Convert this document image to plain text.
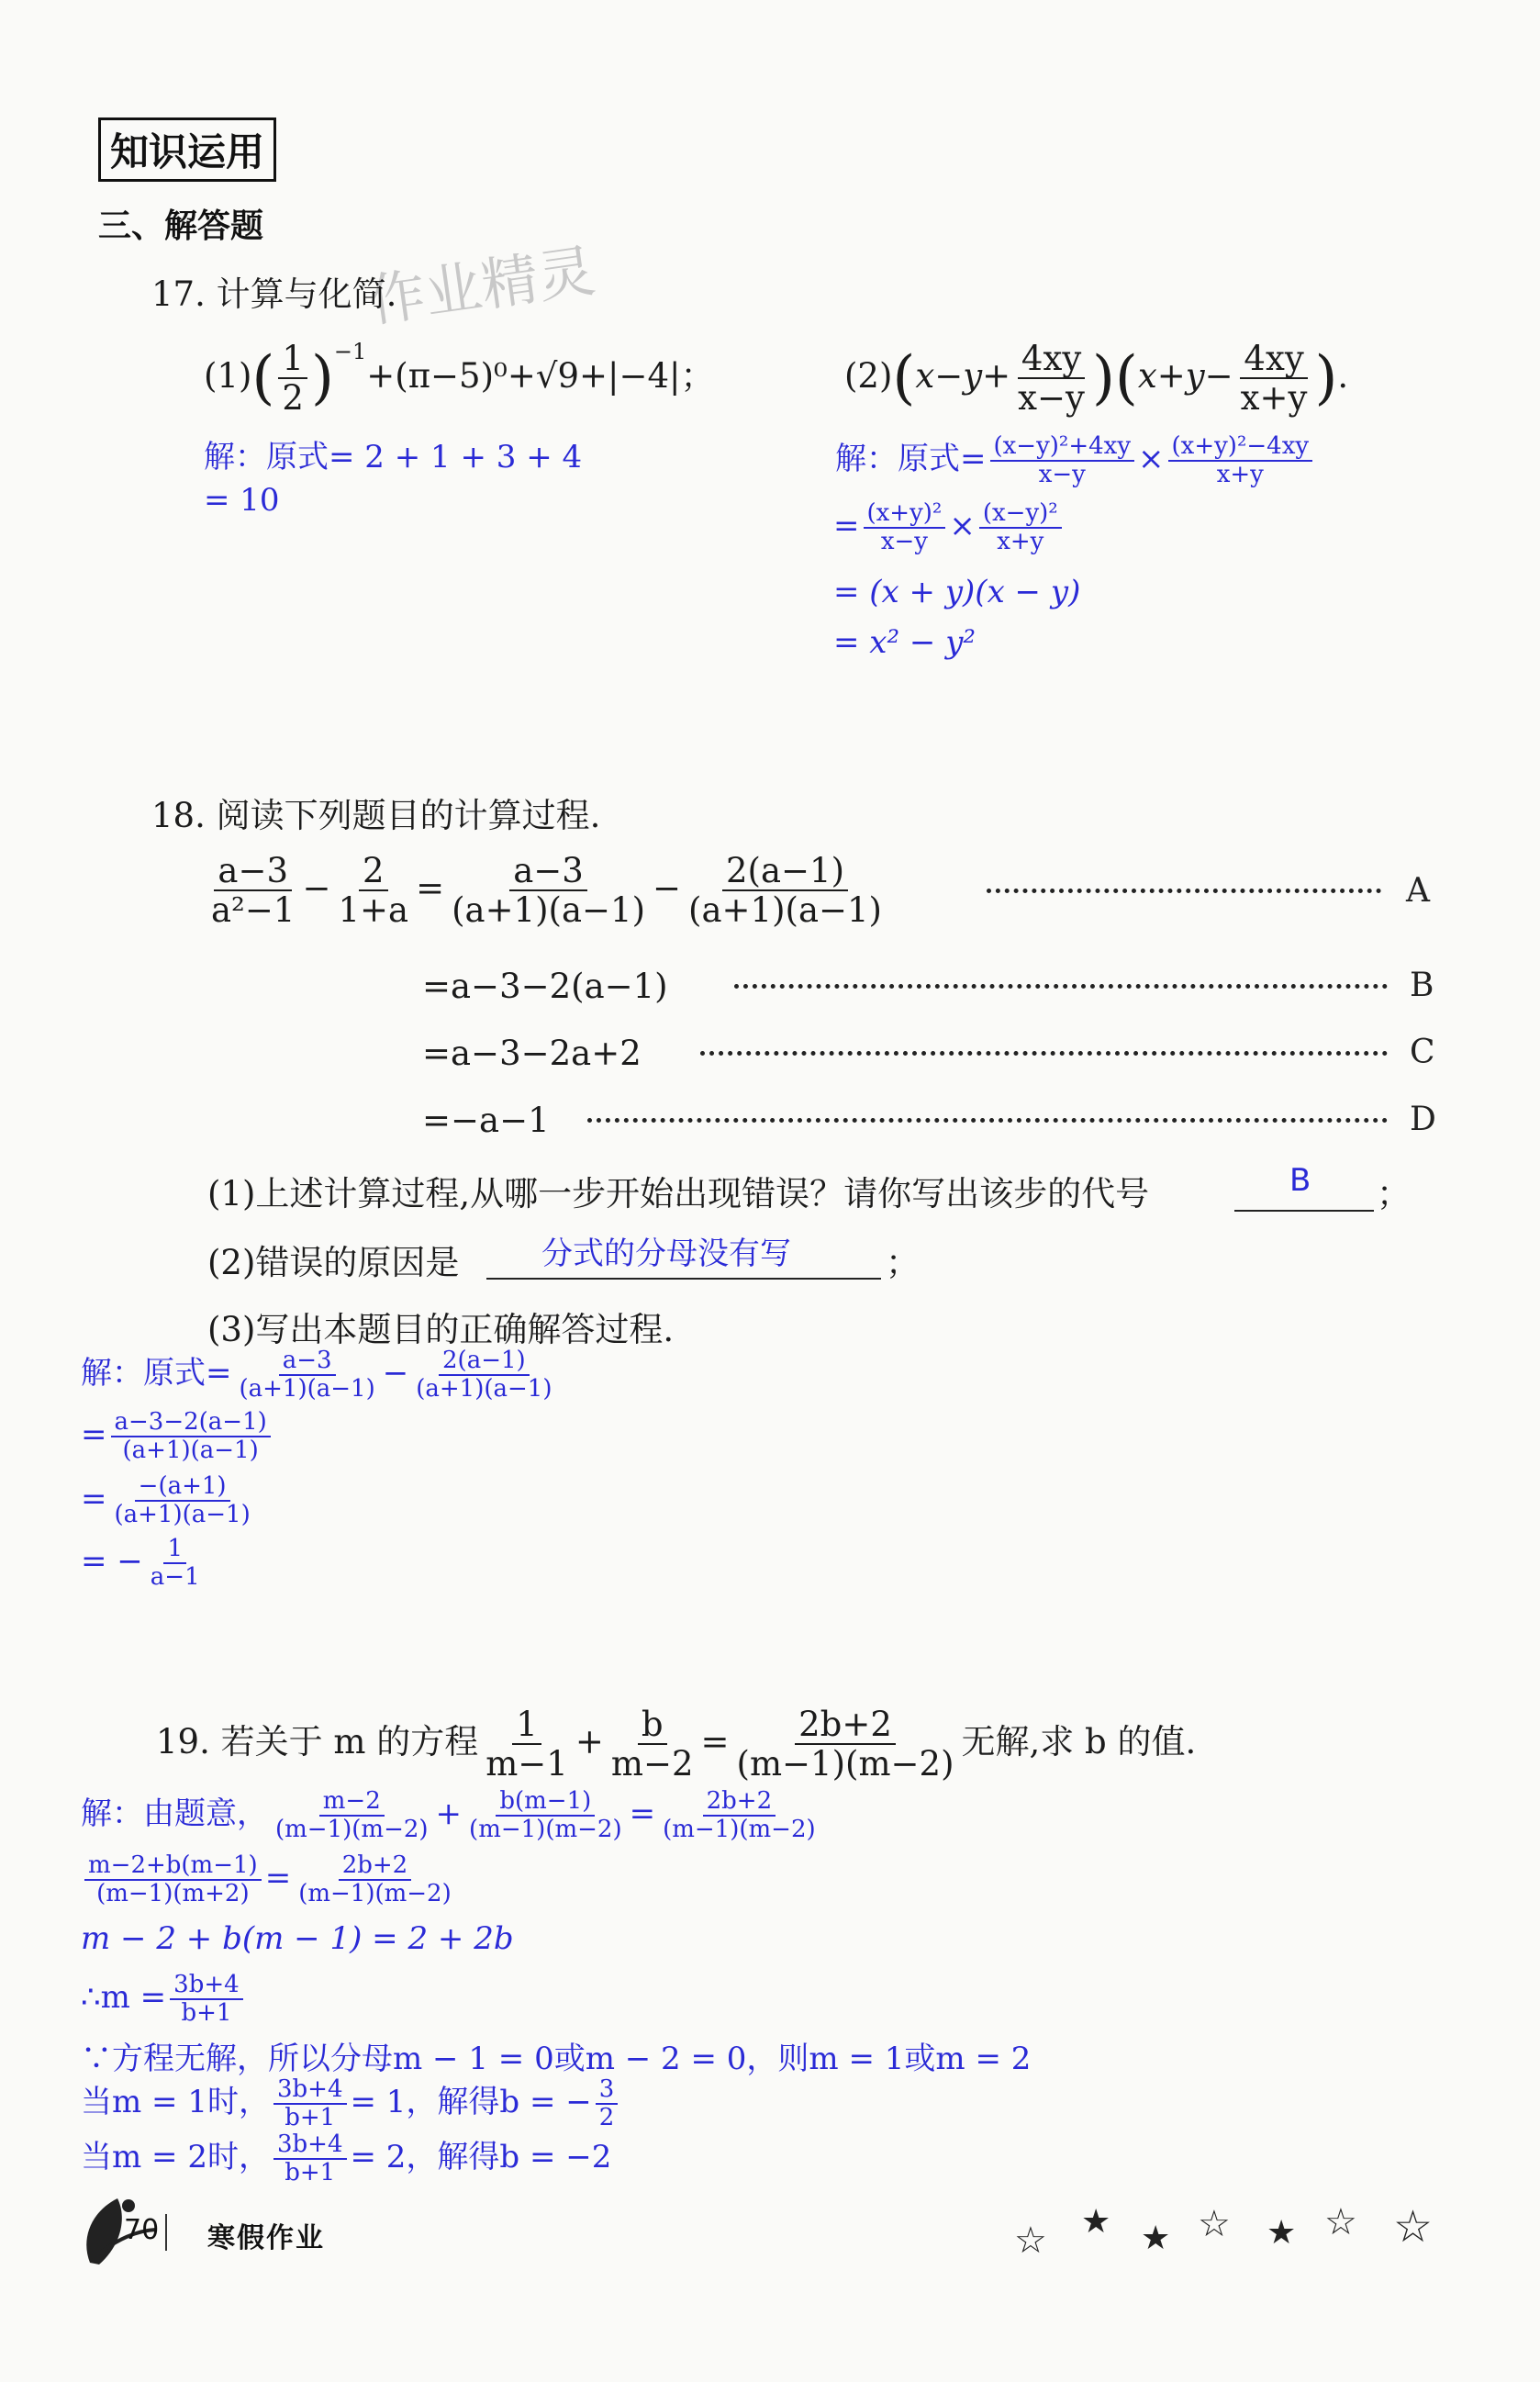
知识运用
三、解答题
作业精灵
17. 计算与化简.
$(1)( \frac{1}{2} )^{-1}+(\pi-5)^0+√9+|-4|$；	$(2)(x-y+ \frac{4xy}{x-y} )(x+y- \frac{4xy}{x+y}$ ).
解：原式= 2 + 1 + 3 + 4
= 10
解：原式= $\frac{\text{(x−y)²+4xy}}{x-y} \times \frac{\text{(x+y)²−4xy}}{x+y}$
= $\frac{\text{(x+y)²}}{x-y} \times \frac{\text{(x−y)²}}{x+y}$
= (x + y)(x − y)
= x² − y²
18. 阅读下列题目的计算过程.
$\frac{a-3}{\text{a²−1}} - \frac{2}{1+a} = \frac{a-3}{(a+1)(a-1)} - \frac{2(a-1)}{(a+1)(a-1)}$	A
=a−3−2(a−1)	B
=a−3−2a+2	C
=−a−1	D
(1)上述计算过程,从哪一步开始出现错误？请你写出该步的代号	B ；
(2)错误的原因是	分式的分母没有写	；
(3)写出本题目的正确解答过程.
解：原式= $\frac{a-3}{(a+1)(a-1)} - \frac{2(a-1)}{(a+1)(a-1)}$
= $\frac{a-3-2(a-1)}{(a+1)(a-1)}$
= $\frac{-(a+1)}{(a+1)(a-1)}$
= − $\frac{1}{a-1}$
19. 若关于 m 的方程 $\frac{1}{m-1} + \frac{b}{m-2} = \frac{2b+2}{(m-1)(m-2)}$ 无解,求 b 的值.
解：由题意， $\frac{m-2}{(m-1)(m-2)} + \frac{b(m-1)}{(m-1)(m-2)} = \frac{2b+2}{(m-1)(m-2)}$
$\frac{m-2+b(m-1)}{(m-1)(m+2)} = \frac{2b+2}{(m-1)(m-2)}$
m − 2 + b(m − 1) = 2 + 2b
∴m = $\frac{3b+4}{b+1}$
∵方程无解，所以分母m − 1 = 0或m − 2 = 0，则m = 1或m = 2
当m = 1时， $\frac{3b+4}{b+1} = 1$，解得b = − $\frac{3}{2}$
当m = 2时， $\frac{3b+4}{b+1} = 2$，解得b = −2
70 寒假作业	☆ ★ ★ ☆ ★ ☆ ☆
